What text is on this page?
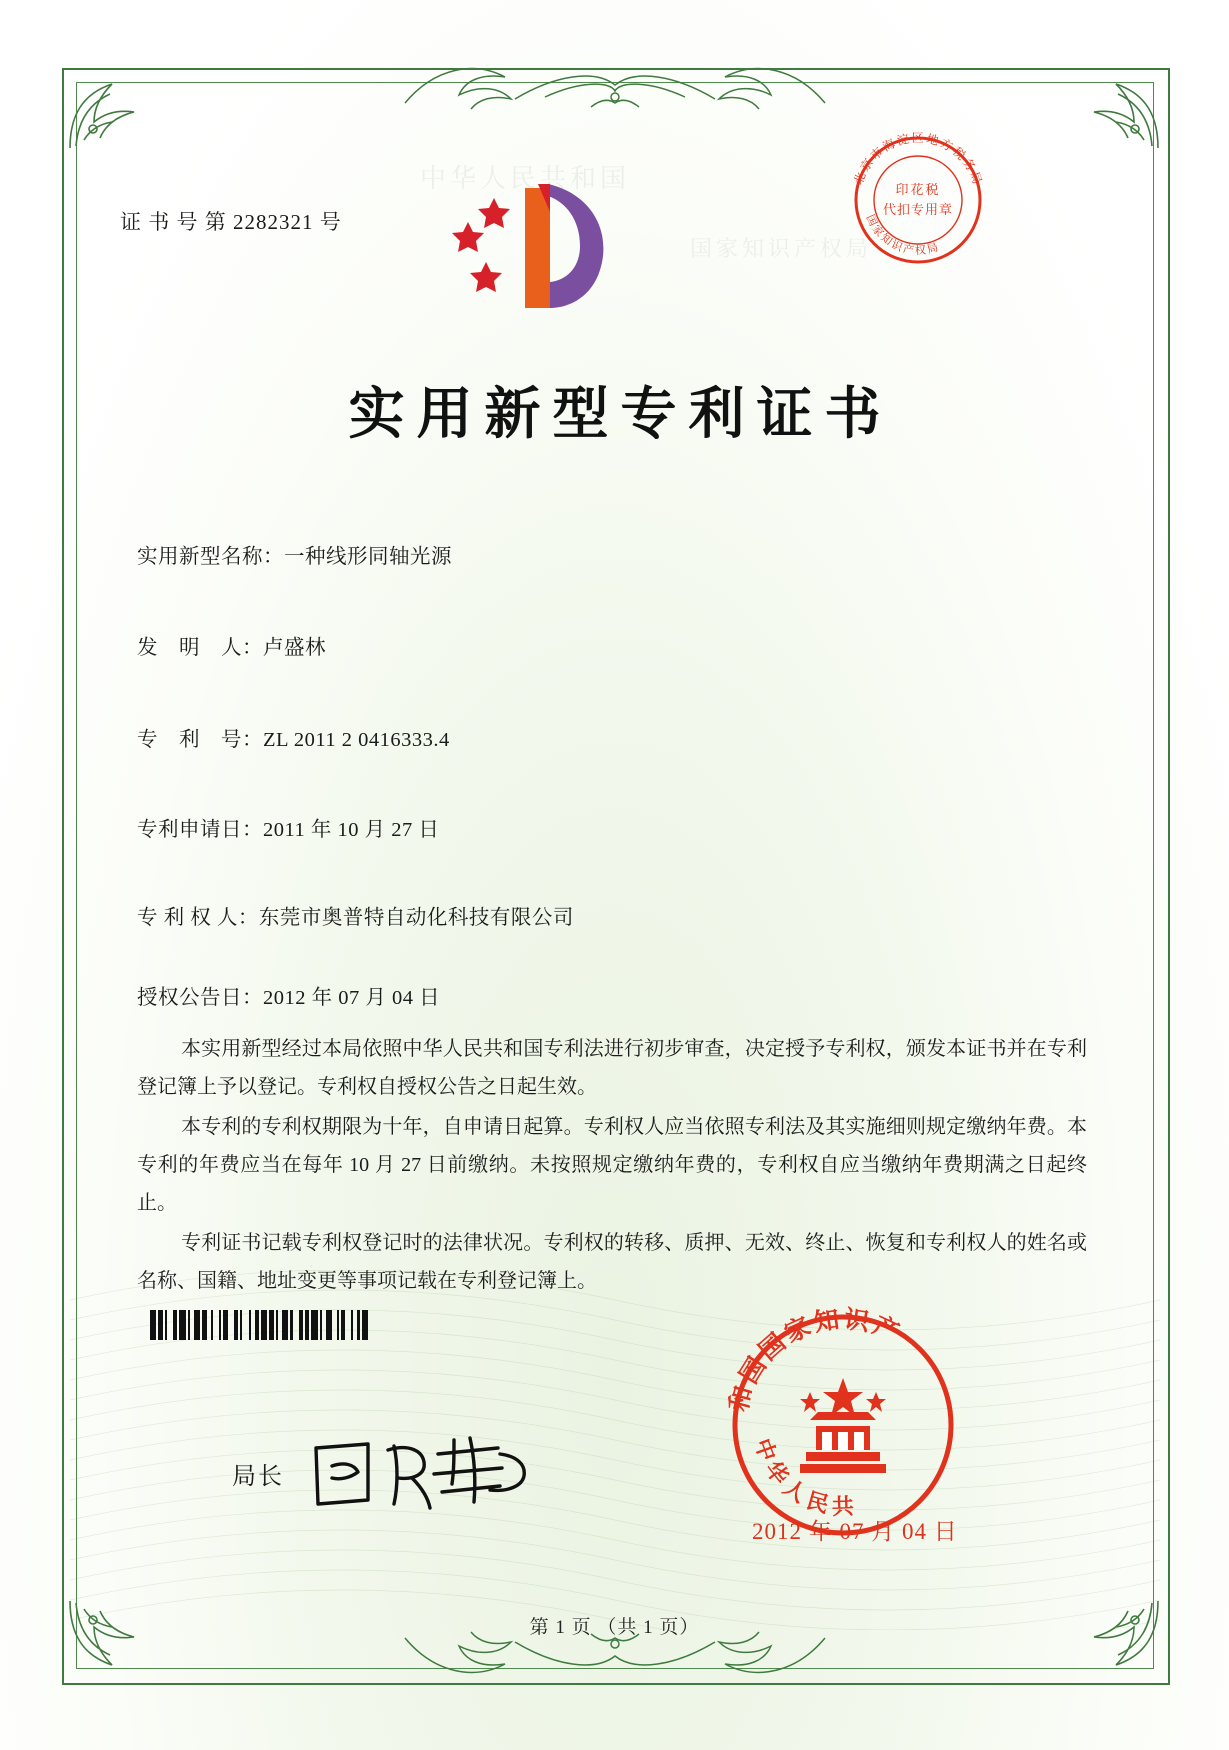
中华人民共和国
国家知识产权局
证 书 号 第 2282321 号
北京市海淀区地方税务局
国家知识产权局
印花税
代扣专用章
实用新型专利证书
实用新型名称：一种线形同轴光源
发　明　人：卢盛林
专　利　号：ZL 2011 2 0416333.4
专利申请日：2011 年 10 月 27 日
专 利 权 人：东莞市奥普特自动化科技有限公司
授权公告日：2012 年 07 月 04 日

本实用新型经过本局依照中华人民共和国专利法进行初步审查，决定授予专利权，颁发本证书并在专利登记簿上予以登记。专利权自授权公告之日起生效。

本专利的专利权期限为十年，自申请日起算。专利权人应当依照专利法及其实施细则规定缴纳年费。本专利的年费应当在每年 10 月 27 日前缴纳。未按照规定缴纳年费的，专利权自应当缴纳年费期满之日起终止。

专利证书记载专利权登记时的法律状况。专利权的转移、质押、无效、终止、恢复和专利权人的姓名或名称、国籍、地址变更等事项记载在专利登记簿上。

局长
和国国家知识产
中华人民共
2012 年 07 月 04 日
第 1 页 （共 1 页）
